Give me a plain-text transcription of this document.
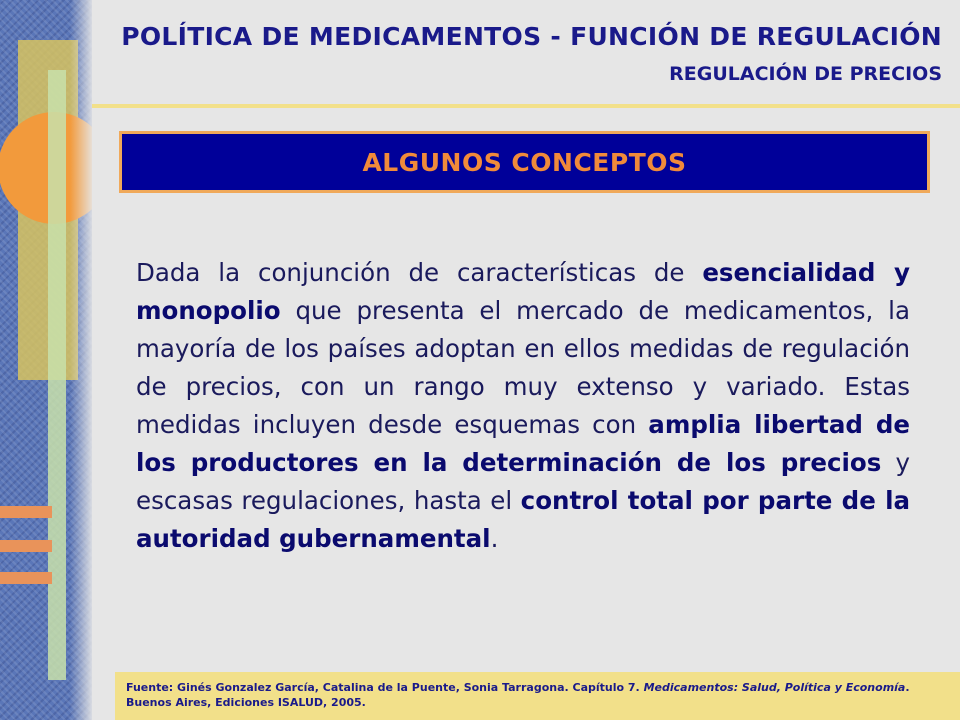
POLÍTICA DE MEDICAMENTOS - FUNCIÓN DE REGULACIÓN
REGULACIÓN DE PRECIOS
ALGUNOS CONCEPTOS

Dada la conjunción de características de esencialidad y monopolio que presenta el mercado de medicamentos, la mayoría de los países adoptan en ellos medidas de regulación de precios, con un rango muy extenso y variado. Estas medidas incluyen desde esquemas con amplia libertad de los productores en la determinación de los precios y escasas regulaciones, hasta el control total por parte de la autoridad gubernamental.

Fuente: Ginés Gonzalez García, Catalina de la Puente, Sonia Tarragona. Capítulo 7. Medicamentos: Salud, Política y Economía. Buenos Aires, Ediciones ISALUD, 2005.
